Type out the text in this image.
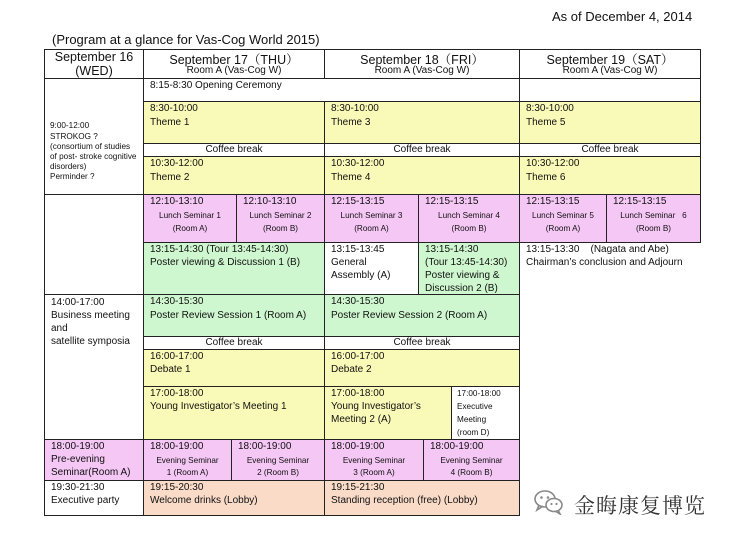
As of December 4, 2014
(Program at a glance for Vas-Cog World 2015)
September 16
(WED)
September 17（THU）
Room A (Vas-Cog W)
September 18（FRI）
Room A (Vas-Cog W)
September 19（SAT）
Room A (Vas-Cog W)
9:00-12:00
STROKOG ?
(consortium of studies
of post- stroke cognitive
disorders)
Perminder ?
14:00-17:00
Business meeting
and
satellite symposia
18:00-19:00
Pre-evening
Seminar(Room A)
19:30-21:30
Executive party
8:15-8:30 Opening Ceremony
8:30-10:00
Theme 1
Coffee break
10:30-12:00
Theme 2
12:10-13:10
Lunch Seminar 1
(Room A)
12:10-13:10
Lunch Seminar 2
(Room B)
13:15-14:30 (Tour 13:45-14:30)
Poster viewing & Discussion 1 (B)
14:30-15:30
Poster Review Session 1 (Room A)
Coffee break
16:00-17:00
Debate 1
17:00-18:00
Young Investigator’s Meeting 1
18:00-19:00
Evening Seminar
1 (Room A)
18:00-19:00
Evening Seminar
2 (Room B)
19:15-20:30
Welcome drinks (Lobby)
8:30-10:00
Theme 3
Coffee break
10:30-12:00
Theme 4
12:15-13:15
Lunch Seminar 3
(Room A)
12:15-13:15
Lunch Seminar 4
(Room B)
13:15-13:45
General
Assembly (A)
13:15-14:30
(Tour 13:45-14:30)
Poster viewing &
Discussion 2 (B)
14:30-15:30
Poster Review Session 2 (Room A)
Coffee break
16:00-17:00
Debate 2
17:00-18:00
Young Investigator’s
Meeting 2 (A)
17:00-18:00
Executive
Meeting
(room D)
18:00-19:00
Evening Seminar
3 (Room A)
18:00-19:00
Evening Seminar
4 (Room B)
19:15-21:30
Standing reception (free) (Lobby)
8:30-10:00
Theme 5
Coffee break
10:30-12:00
Theme 6
12:15-13:15
Lunch Seminar 5
(Room A)
12:15-13:15
Lunch Seminar   6
(Room B)
13:15-13:30    (Nagata and Abe)
Chairman’s conclusion and Adjourn
金晦康复博览
